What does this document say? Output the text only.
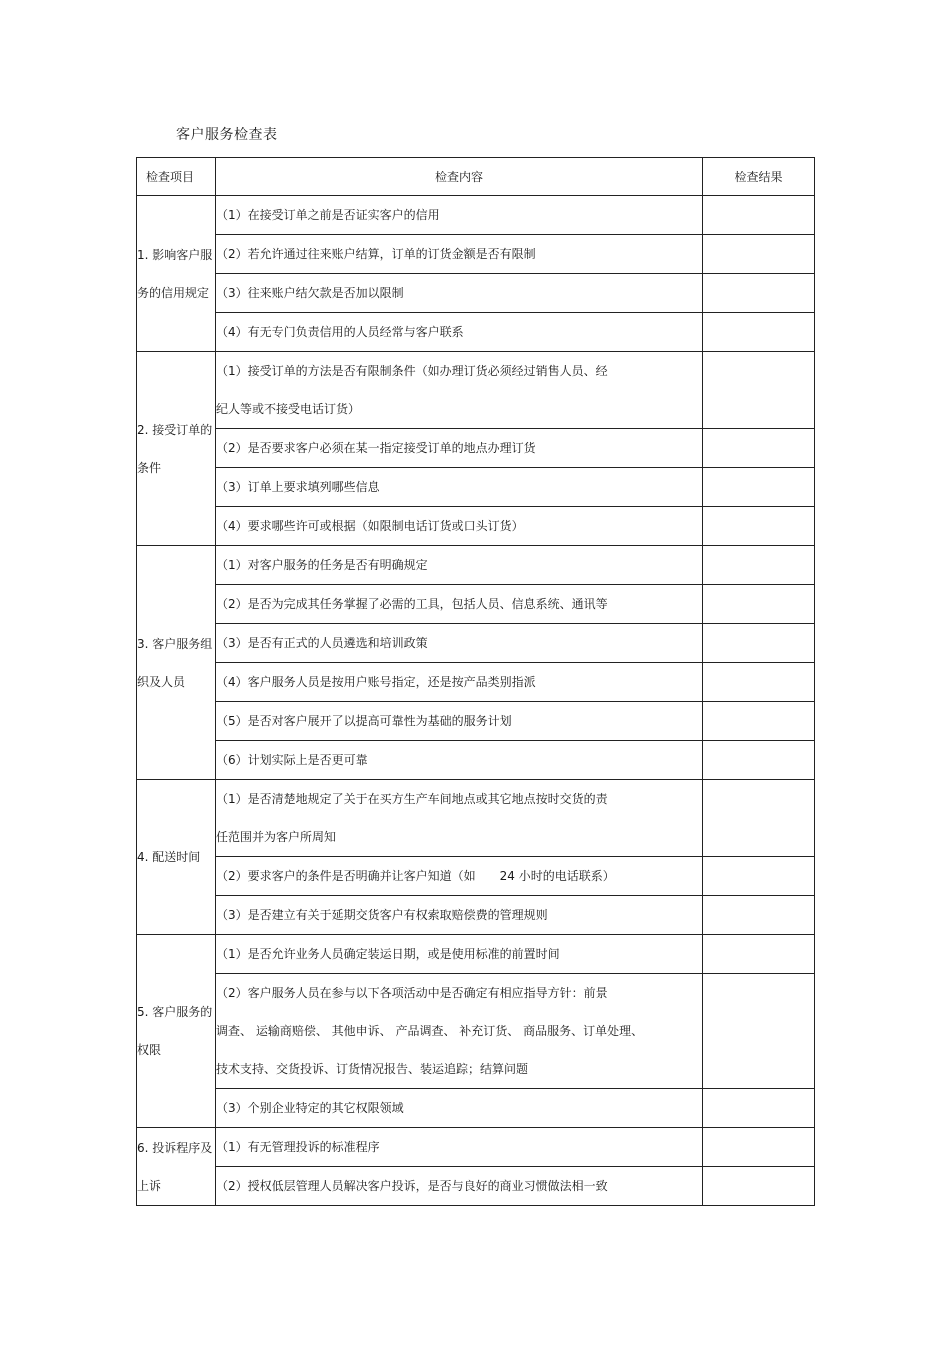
客户服务检查表
检查项目	检查内容	检查结果
1. 影响客户服务的信用规定	（1）在接受订单之前是否证实客户的信用	

	（2）若允许通过往来账户结算，订单的订货金额是否有限制	

	（3）往来账户结欠款是否加以限制	

	（4）有无专门负责信用的人员经常与客户联系	

2. 接受订单的条件	（1）接受订单的方法是否有限制条件（如办理订货必须经过销售人员、经
纪人等或不接受电话订货）	

	（2）是否要求客户必须在某一指定接受订单的地点办理订货	

	（3）订单上要求填列哪些信息	

	（4）要求哪些许可或根据（如限制电话订货或口头订货）	

3. 客户服务组织及人员	（1）对客户服务的任务是否有明确规定	

	（2）是否为完成其任务掌握了必需的工具，包括人员、信息系统、通讯等	

	（3）是否有正式的人员遴选和培训政策	

	（4）客户服务人员是按用户账号指定，还是按产品类别指派	

	（5）是否对客户展开了以提高可靠性为基础的服务计划	

	（6）计划实际上是否更可靠	

4. 配送时间	（1）是否清楚地规定了关于在买方生产车间地点或其它地点按时交货的责
任范围并为客户所周知	

	（2）要求客户的条件是否明确并让客户知道（如　　24 小时的电话联系）	

	（3）是否建立有关于延期交货客户有权索取赔偿费的管理规则	

5. 客户服务的权限	（1）是否允许业务人员确定装运日期，或是使用标准的前置时间	

	（2）客户服务人员在参与以下各项活动中是否确定有相应指导方针：前景
调查、 运输商赔偿、 其他申诉、 产品调查、 补充订货、 商品服务、订单处理、
技术支持、交货投诉、订货情况报告、装运追踪；结算问题	

	（3）个别企业特定的其它权限领域	

6. 投诉程序及上诉	（1）有无管理投诉的标准程序	

	（2）授权低层管理人员解决客户投诉，是否与良好的商业习惯做法相一致	
